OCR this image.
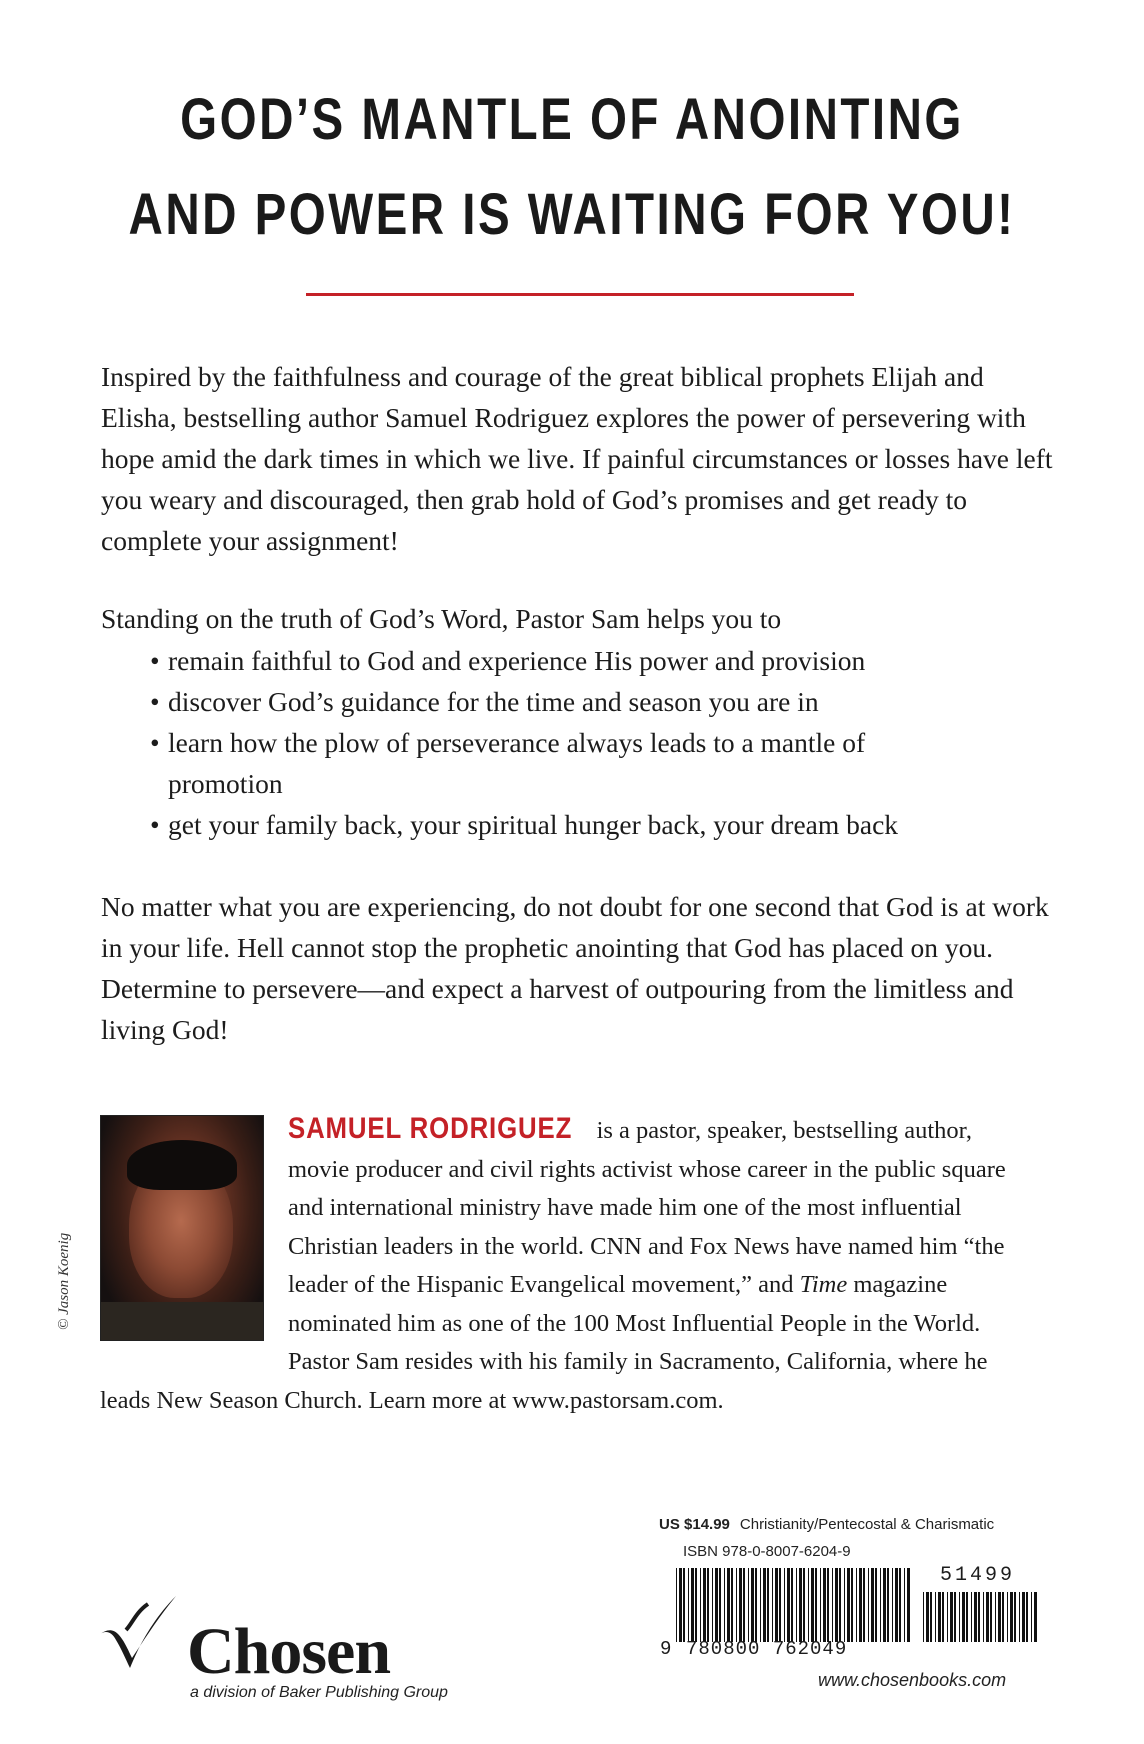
GOD’S MANTLE OF ANOINTING
AND POWER IS WAITING FOR YOU!

Inspired by the faithfulness and courage of the great biblical prophets Elijah and Elisha, bestselling author Samuel Rodriguez explores the power of persevering with hope amid the dark times in which we live. If painful circumstances or losses have left you weary and discouraged, then grab hold of God’s promises and get ready to complete your assignment!

Standing on the truth of God’s Word, Pastor Sam helps you to

• remain faithful to God and experience His power and provision
• discover God’s guidance for the time and season you are in
• learn how the plow of perseverance always leads to a mantle of promotion
• get your family back, your spiritual hunger back, your dream back

No matter what you are experiencing, do not doubt for one second that God is at work in your life. Hell cannot stop the prophetic anointing that God has placed on you. Determine to persevere—and expect a harvest of outpouring from the limitless and living God!

© Jason Koenig

SAMUEL RODRIGUEZ is a pastor, speaker, bestselling author, movie producer and civil rights activist whose career in the public square and international ministry have made him one of the most influential Christian leaders in the world. CNN and Fox News have named him “the leader of the Hispanic Evangelical movement,” and Time magazine nominated him as one of the 100 Most Influential People in the World. Pastor Sam resides with his family in Sacramento, California, where he leads New Season Church. Learn more at www.pastorsam.com.

US $14.99 Christianity/Pentecostal & Charismatic
ISBN 978-0-8007-6204-9
51499
9 780800 762049
www.chosenbooks.com
Chosen
a division of Baker Publishing Group
